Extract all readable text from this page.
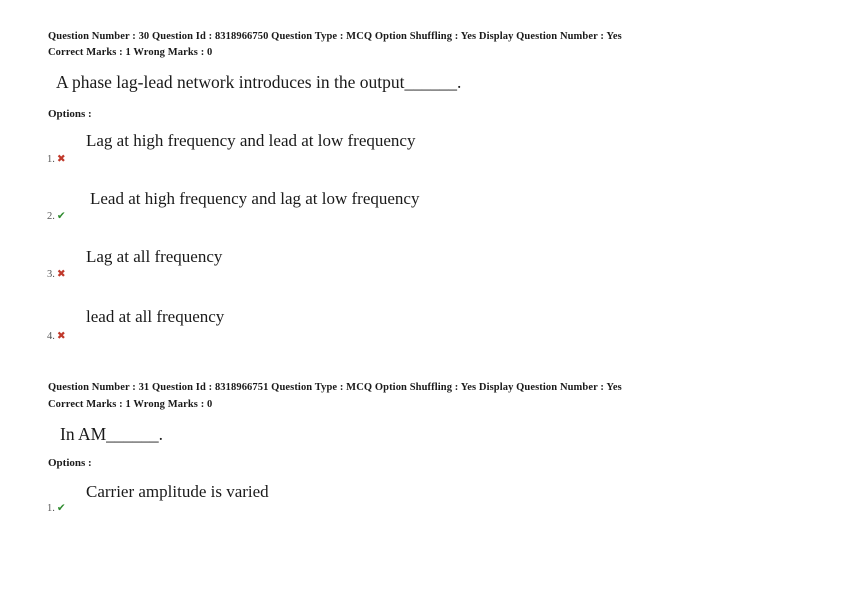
Question Number : 30 Question Id : 8318966750 Question Type : MCQ Option Shuffling : Yes Display Question Number : Yes
Correct Marks : 1 Wrong Marks : 0
A phase lag-lead network introduces in the output______.
Options :
Lag at high frequency and lead at low frequency
1. ✖
Lead at high frequency and lag at low frequency
2. ✔
Lag at all frequency
3. ✖
lead at all frequency
4. ✖
Question Number : 31 Question Id : 8318966751 Question Type : MCQ Option Shuffling : Yes Display Question Number : Yes
Correct Marks : 1 Wrong Marks : 0
In AM______.
Options :
Carrier amplitude is varied
1. ✔
